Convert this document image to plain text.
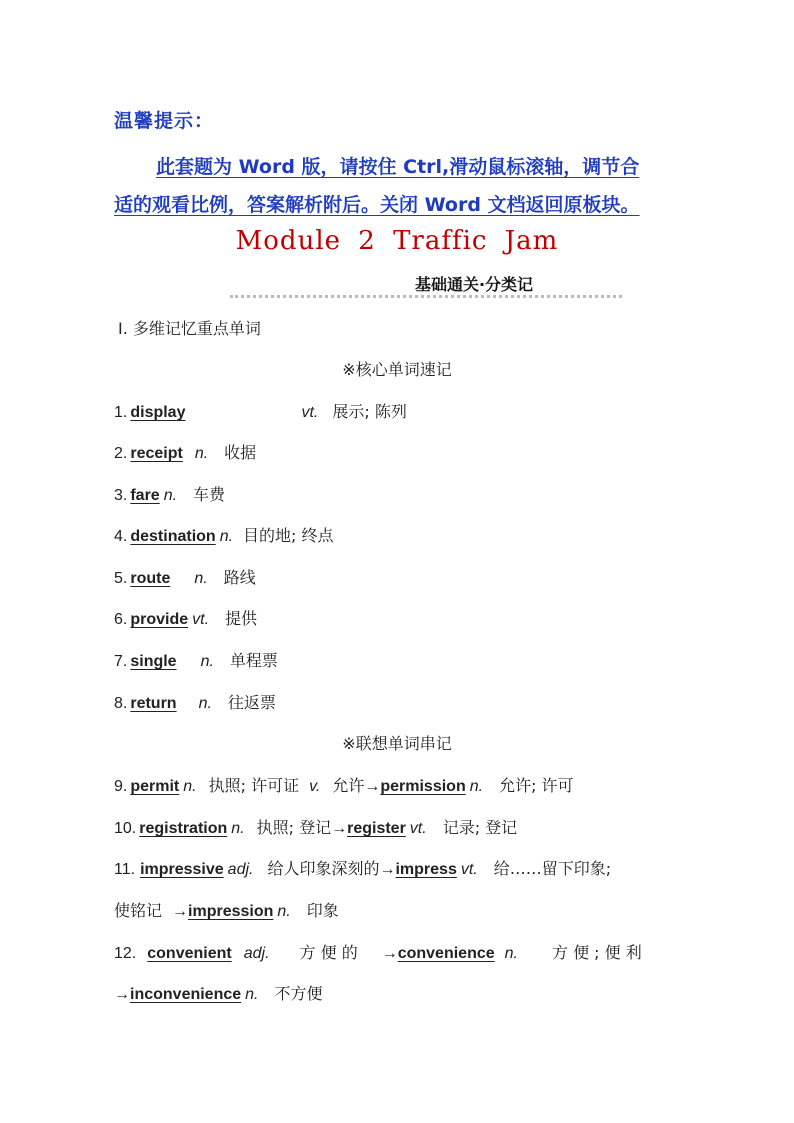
温馨提示：
此套题为 Word 版，请按住 Ctrl,滑动鼠标滚轴，调节合
适的观看比例，答案解析附后。关闭 Word 文档返回原板块。
Module 2 Traffic Jam
基础通关·分类记
Ⅰ. 多维记忆重点单词
※核心单词速记
1. display	vt. 展示; 陈列
2. receipt n. 收据
3. fare n. 车费
4. destination n. 目的地; 终点
5. route n. 路线
6. provide vt. 提供
7. single n. 单程票
8. return n. 往返票
※联想单词串记
9. permit n. 执照; 许可证 v. 允许→permission n. 允许; 许可
10. registration n. 执照; 登记→register vt. 记录; 登记
11. impressive adj. 给人印象深刻的→impress vt. 给……留下印象;
使铭记 →impression n. 印象
12. convenient adj. 方 便 的 →convenience n. 方 便 ; 便 利
→inconvenience n. 不方便
